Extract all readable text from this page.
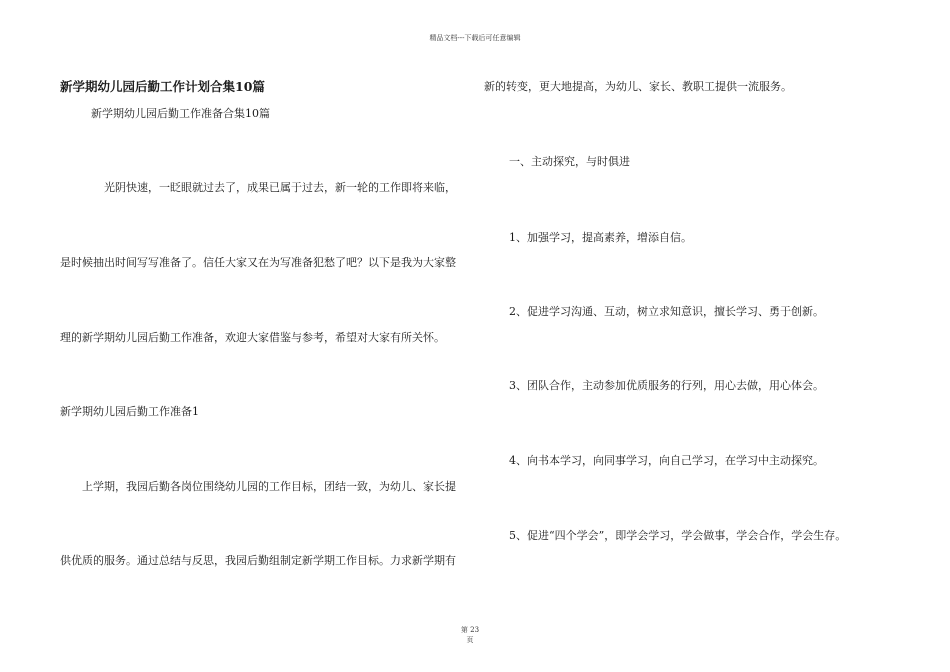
精品文档---下载后可任意编辑
新学期幼儿园后勤工作计划合集10篇
新学期幼儿园后勤工作准备合集10篇
光阴快速，一眨眼就过去了，成果已属于过去，新一轮的工作即将来临，
是时候抽出时间写写准备了。信任大家又在为写准备犯愁了吧？以下是我为大家整
理的新学期幼儿园后勤工作准备，欢迎大家借鉴与参考，希望对大家有所关怀。
新学期幼儿园后勤工作准备1
上学期，我园后勤各岗位围绕幼儿园的工作目标，团结一致，为幼儿、家长提
供优质的服务。通过总结与反思，我园后勤组制定新学期工作目标。力求新学期有
新的转变，更大地提高，为幼儿、家长、教职工提供一流服务。
一、主动探究，与时俱进
1、加强学习，提高素养，增添自信。
2、促进学习沟通、互动，树立求知意识，擅长学习、勇于创新。
3、团队合作，主动参加优质服务的行列，用心去做，用心体会。
4、向书本学习，向同事学习，向自己学习，在学习中主动探究。
5、促进“四个学会”，即学会学习，学会做事，学会合作，学会生存。
第 23
页
